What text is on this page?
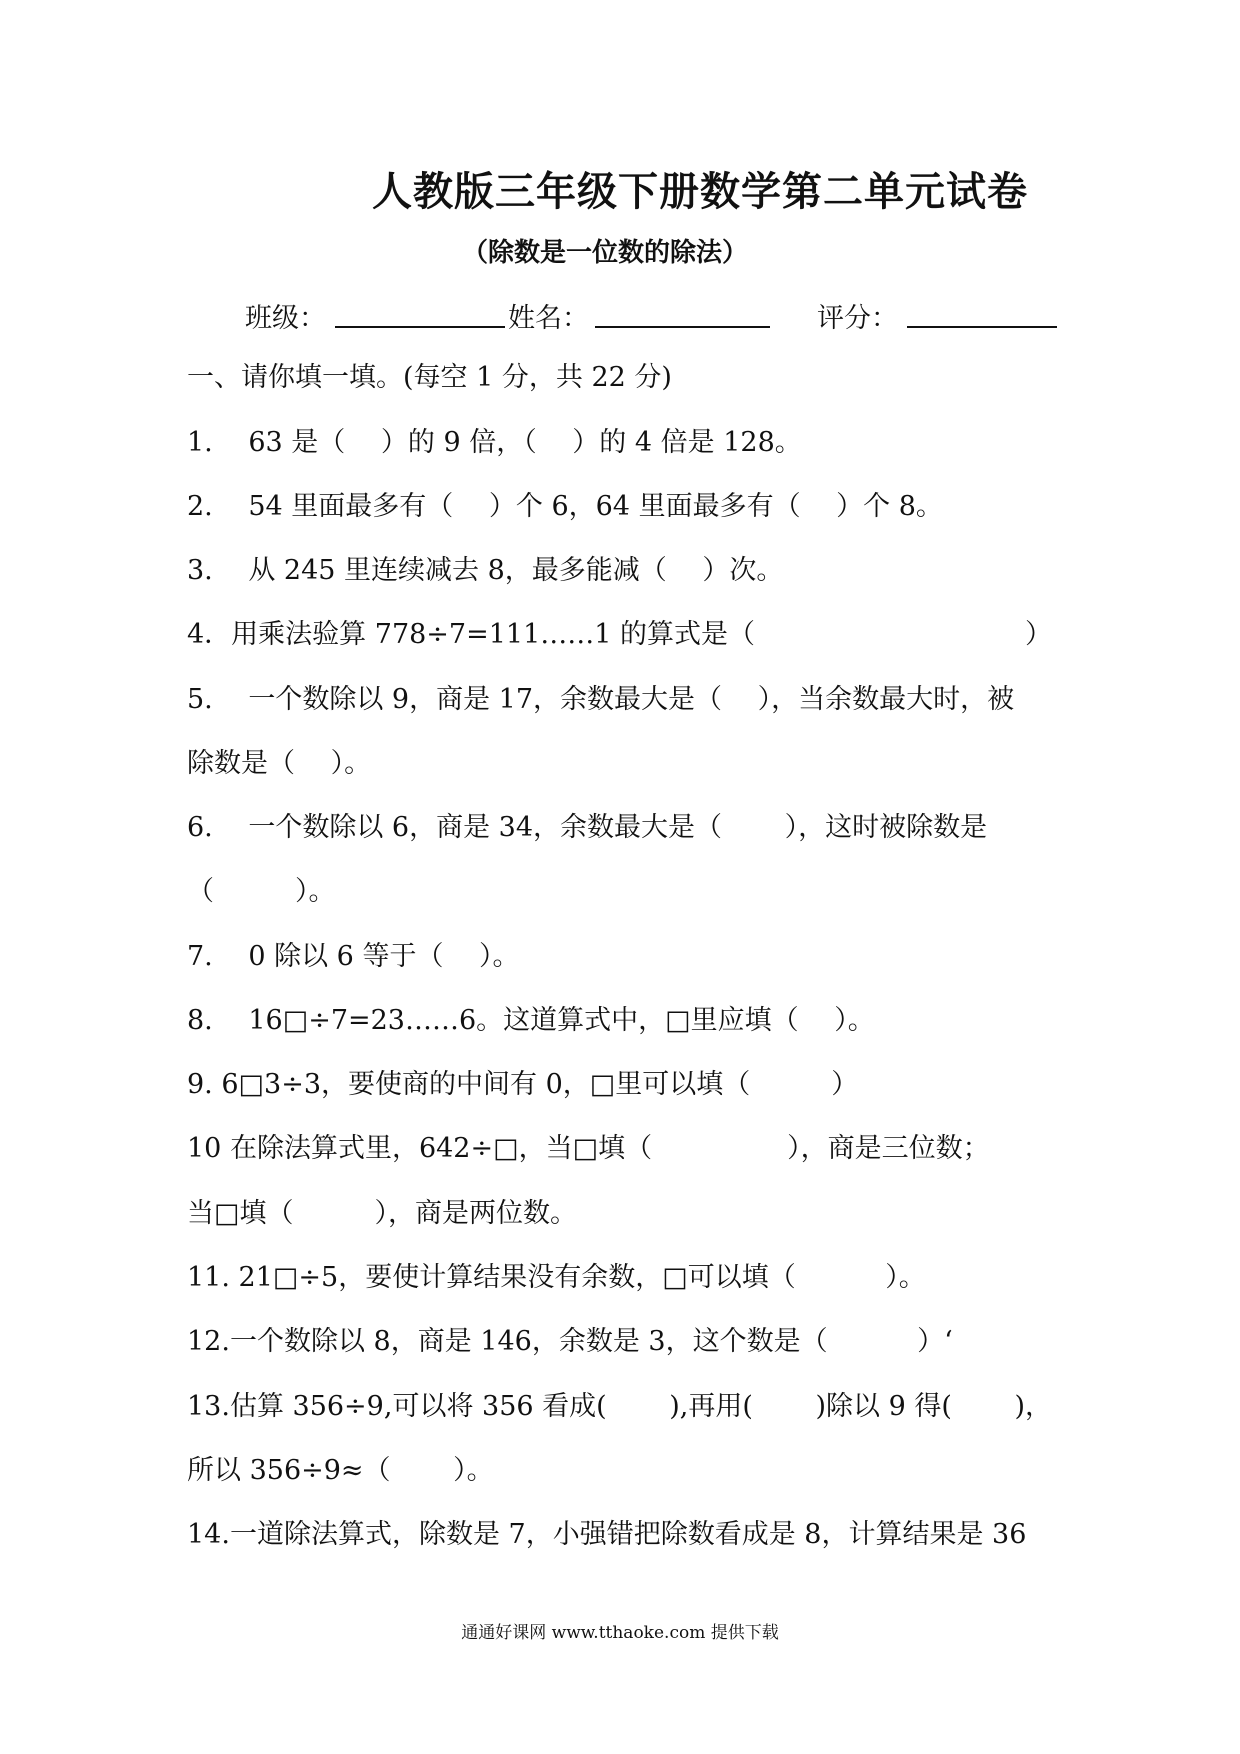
人教版三年级下册数学第二单元试卷
（除数是一位数的除法）
班级：	姓名：	评分：
一、请你填一填。(每空 1 分，共 22 分)
1.　 63 是（　 ）的 9 倍，（　 ）的 4 倍是 128。
2.　 54 里面最多有（　 ）个 6，64 里面最多有（　 ）个 8。
3.　 从 245 里连续减去 8，最多能减（　 ）次。
4．用乘法验算 778÷7=111……1 的算式是（　　　　　　　　　　）
5.　 一个数除以 9，商是 17，余数最大是（　 ），当余数最大时，被
除数是（　 ）。
6.　 一个数除以 6，商是 34，余数最大是（　　 ），这时被除数是
（　　　）。
7.　 0 除以 6 等于（　 ）。
8.　 16□÷7=23……6。这道算式中，□里应填（　 ）。
9. 6□3÷3，要使商的中间有 0，□里可以填（　　　）
10 在除法算式里，642÷□，当□填（　　　　　），商是三位数；
当□填（　　　），商是两位数。
11. 21□÷5，要使计算结果没有余数，□可以填（　　　 ）。
12.一个数除以 8，商是 146，余数是 3，这个数是（　　　 ）‘
13.估算 356÷9,可以将 356 看成(　　 ),再用(　　 )除以 9 得(　　 )，
所以 356÷9≈（　　 ）。
14.一道除法算式，除数是 7，小强错把除数看成是 8，计算结果是 36
通通好课网 www.tthaoke.com 提供下载
